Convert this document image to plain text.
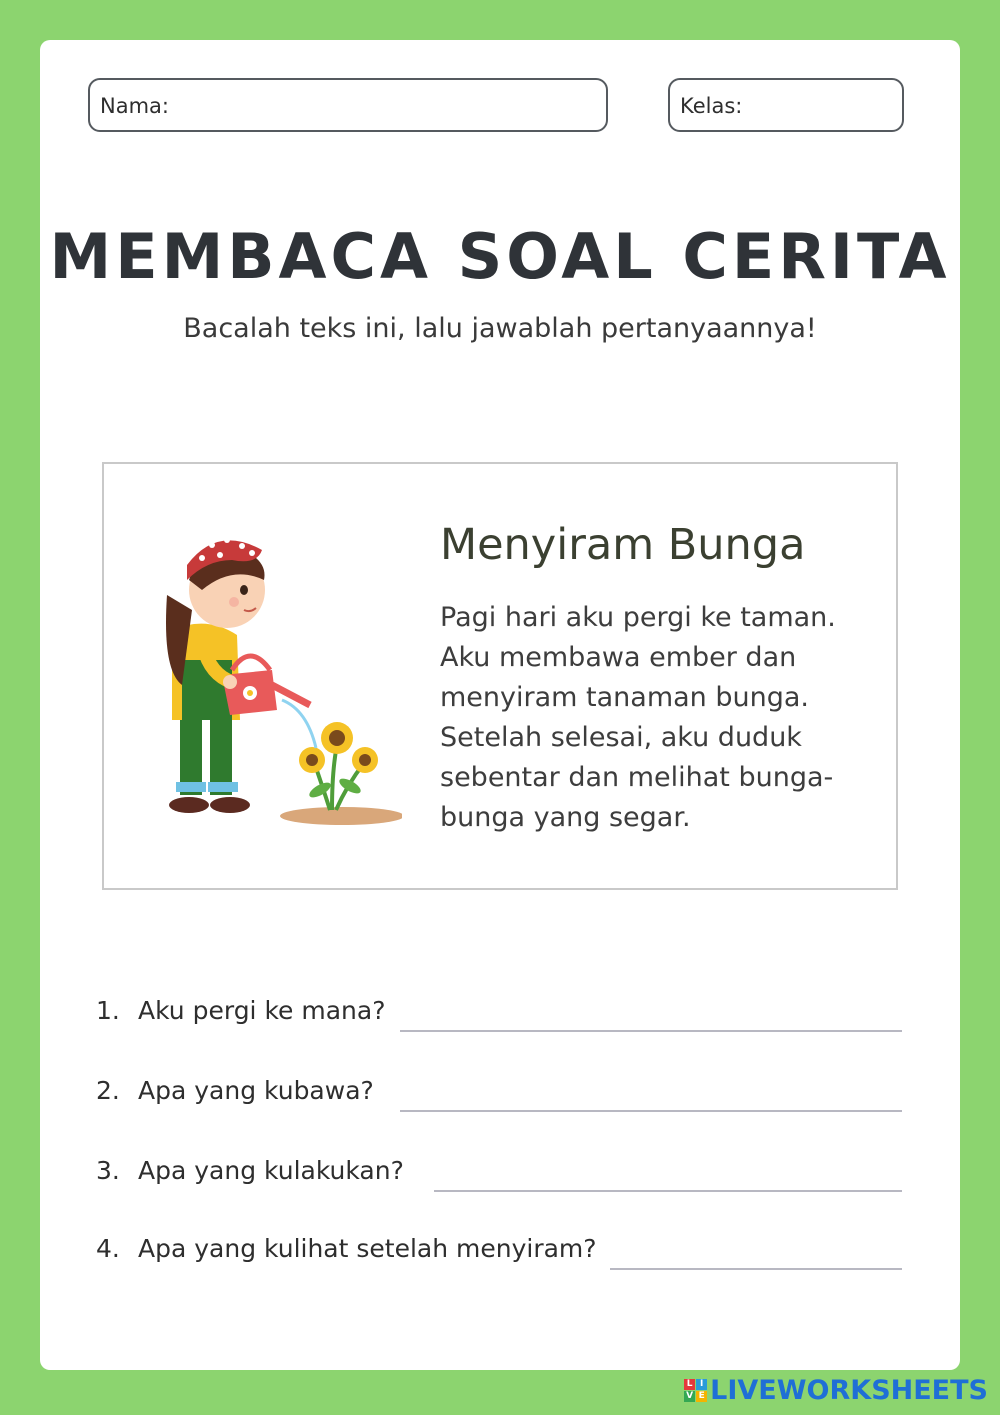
Nama:	Kelas:
MEMBACA SOAL CERITA
Bacalah teks ini, lalu jawablah pertanyaannya!
Menyiram Bunga
Pagi hari aku pergi ke taman.
Aku membawa ember dan
menyiram tanaman bunga.
Setelah selesai, aku duduk
sebentar dan melihat bunga-
bunga yang segar.
1. Aku pergi ke mana?
2. Apa yang kubawa?
3. Apa yang kulakukan?
4. Apa yang kulihat setelah menyiram?
L I
V E LIVEWORKSHEETS
